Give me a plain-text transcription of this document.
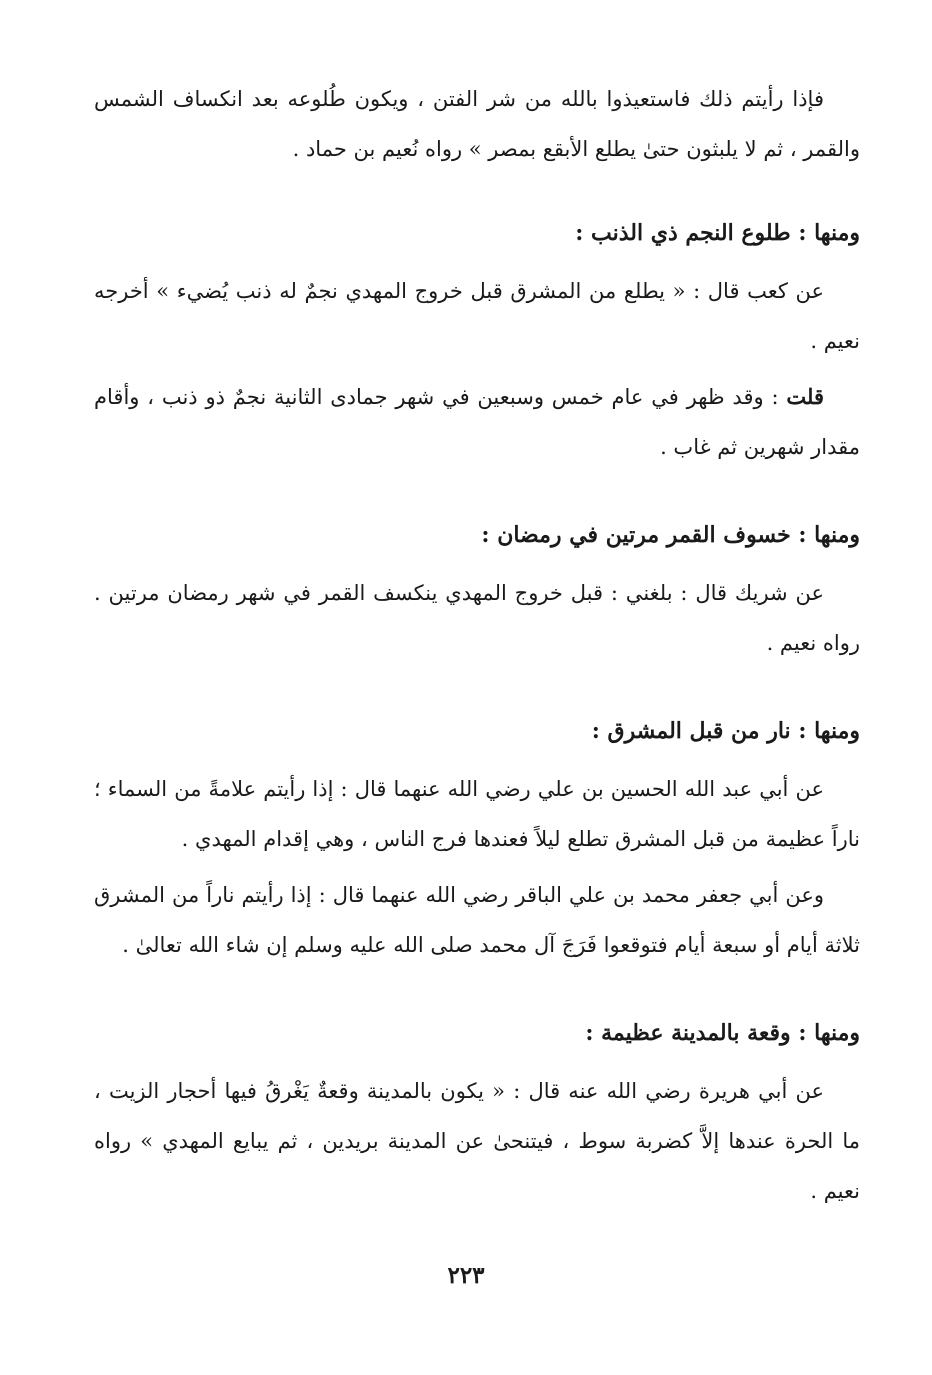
فإذا رأيتم ذلك فاستعيذوا بالله من شر الفتن ، ويكون طُلوعه بعد انكساف الشمس والقمر ، ثم لا يلبثون حتىٰ يطلع الأبقع بمصر » رواه نُعيم بن حماد .

ومنها : طلوع النجم ذي الذنب :

عن كعب قال : « يطلع من المشرق قبل خروج المهدي نجمٌ له ذنب يُضيء » أخرجه نعيم .

قلت : وقد ظهر في عام خمس وسبعين في شهر جمادى الثانية نجمٌ ذو ذنب ، وأقام مقدار شهرين ثم غاب .

ومنها : خسوف القمر مرتين في رمضان :

عن شريك قال : بلغني : قبل خروج المهدي ينكسف القمر في شهر رمضان مرتين . رواه نعيم .

ومنها : نار من قبل المشرق :

عن أبي عبد الله الحسين بن علي رضي الله عنهما قال : إذا رأيتم علامةً من السماء ؛ ناراً عظيمة من قبل المشرق تطلع ليلاً فعندها فرج الناس ، وهي إقدام المهدي .

وعن أبي جعفر محمد بن علي الباقر رضي الله عنهما قال : إذا رأيتم ناراً من المشرق ثلاثة أيام أو سبعة أيام فتوقعوا فَرَجَ آل محمد صلى الله عليه وسلم إن شاء الله تعالىٰ .

ومنها : وقعة بالمدينة عظيمة :

عن أبي هريرة رضي الله عنه قال : « يكون بالمدينة وقعةٌ يَغْرقُ فيها أحجار الزيت ، ما الحرة عندها إلاَّ كضربة سوط ، فيتنحىٰ عن المدينة بريدين ، ثم يبايع المهدي » رواه نعيم .

٢٢٣
